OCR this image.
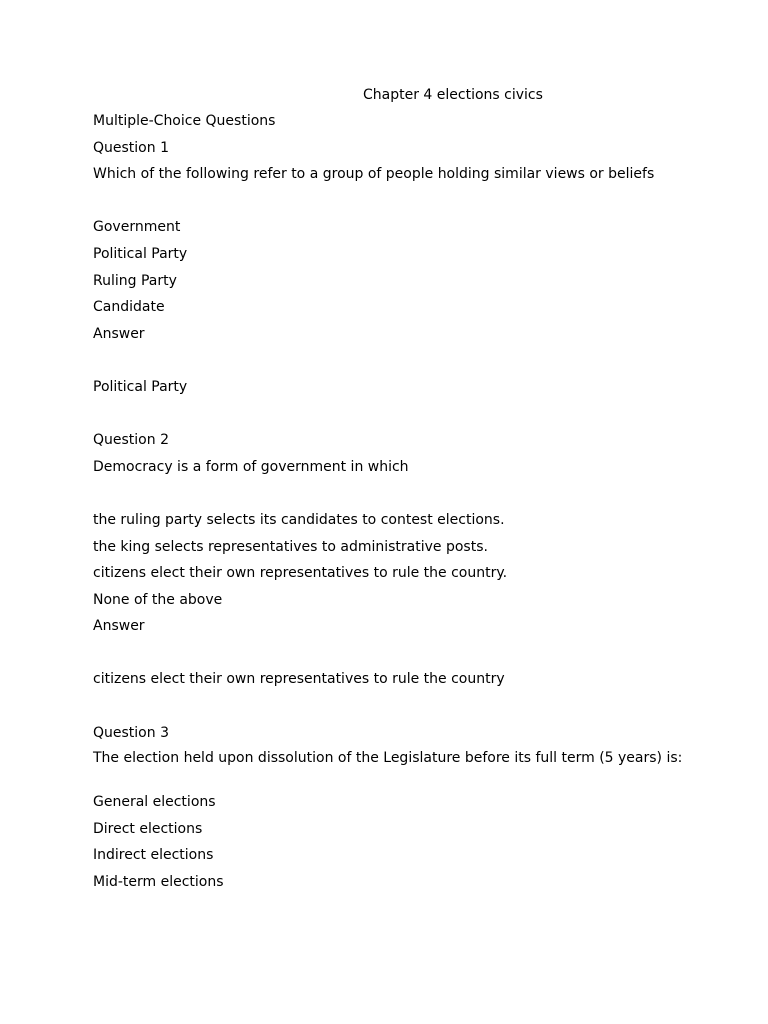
Chapter 4 elections civics
Multiple-Choice Questions
Question 1
Which of the following refer to a group of people holding similar views or beliefs
Government
Political Party
Ruling Party
Candidate
Answer
Political Party
Question 2
Democracy is a form of government in which
the ruling party selects its candidates to contest elections.
the king selects representatives to administrative posts.
citizens elect their own representatives to rule the country.
None of the above
Answer
citizens elect their own representatives to rule the country
Question 3
The election held upon dissolution of the Legislature before its full term (5 years) is:
General elections
Direct elections
Indirect elections
Mid-term elections
